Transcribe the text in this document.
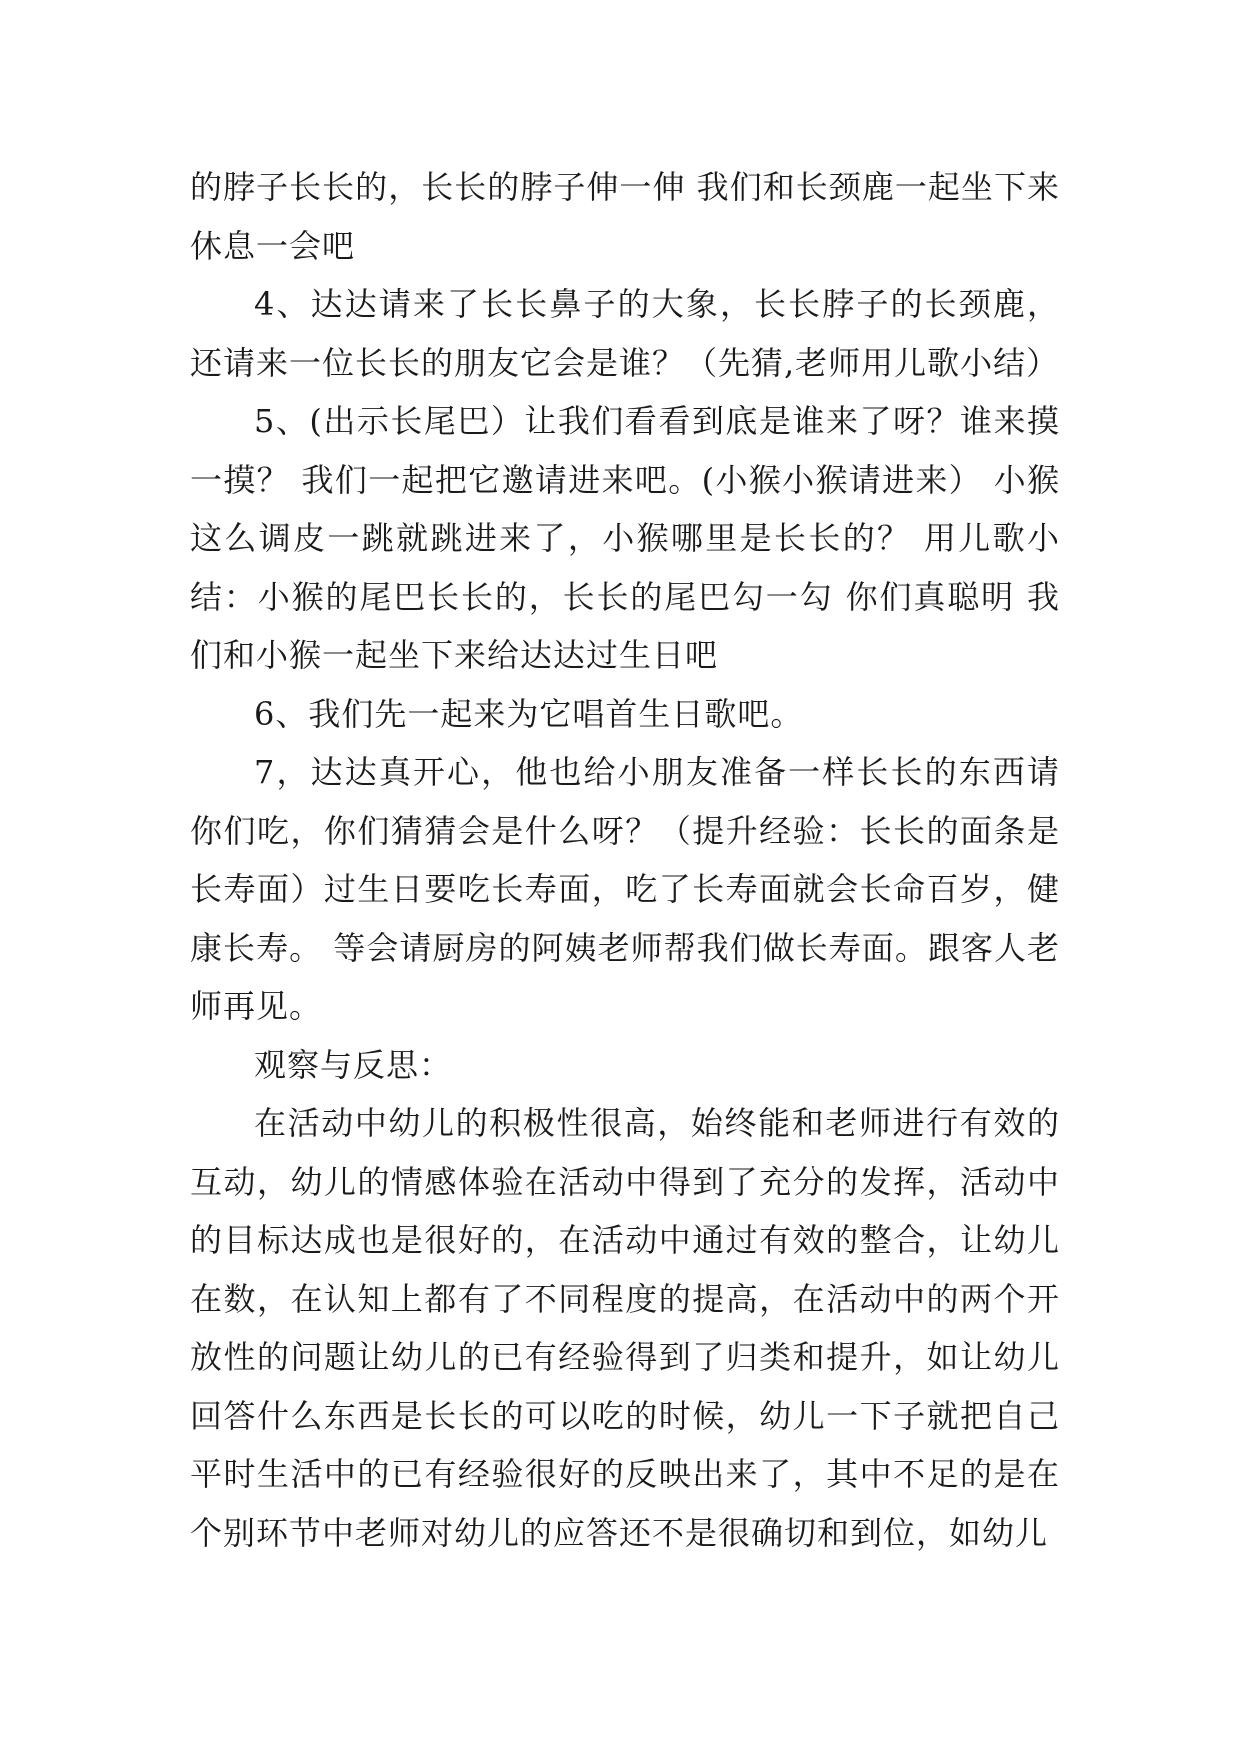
的脖子长长的，长长的脖子伸一伸 我们和长颈鹿一起坐下来休息一会吧

4、达达请来了长长鼻子的大象，长长脖子的长颈鹿，还请来一位长长的朋友它会是谁？（先猜,老师用儿歌小结）

5、(出示长尾巴）让我们看看到底是谁来了呀？谁来摸一摸？ 我们一起把它邀请进来吧。(小猴小猴请进来） 小猴这么调皮一跳就跳进来了，小猴哪里是长长的？ 用儿歌小结：小猴的尾巴长长的，长长的尾巴勾一勾 你们真聪明 我们和小猴一起坐下来给达达过生日吧

6、我们先一起来为它唱首生日歌吧。

7，达达真开心，他也给小朋友准备一样长长的东西请你们吃，你们猜猜会是什么呀？（提升经验：长长的面条是长寿面）过生日要吃长寿面，吃了长寿面就会长命百岁，健康长寿。 等会请厨房的阿姨老师帮我们做长寿面。跟客人老师再见。

观察与反思：

在活动中幼儿的积极性很高，始终能和老师进行有效的互动，幼儿的情感体验在活动中得到了充分的发挥，活动中的目标达成也是很好的，在活动中通过有效的整合，让幼儿在数，在认知上都有了不同程度的提高，在活动中的两个开放性的问题让幼儿的已有经验得到了归类和提升，如让幼儿回答什么东西是长长的可以吃的时候，幼儿一下子就把自己平时生活中的已有经验很好的反映出来了，其中不足的是在个别环节中老师对幼儿的应答还不是很确切和到位，如幼儿
